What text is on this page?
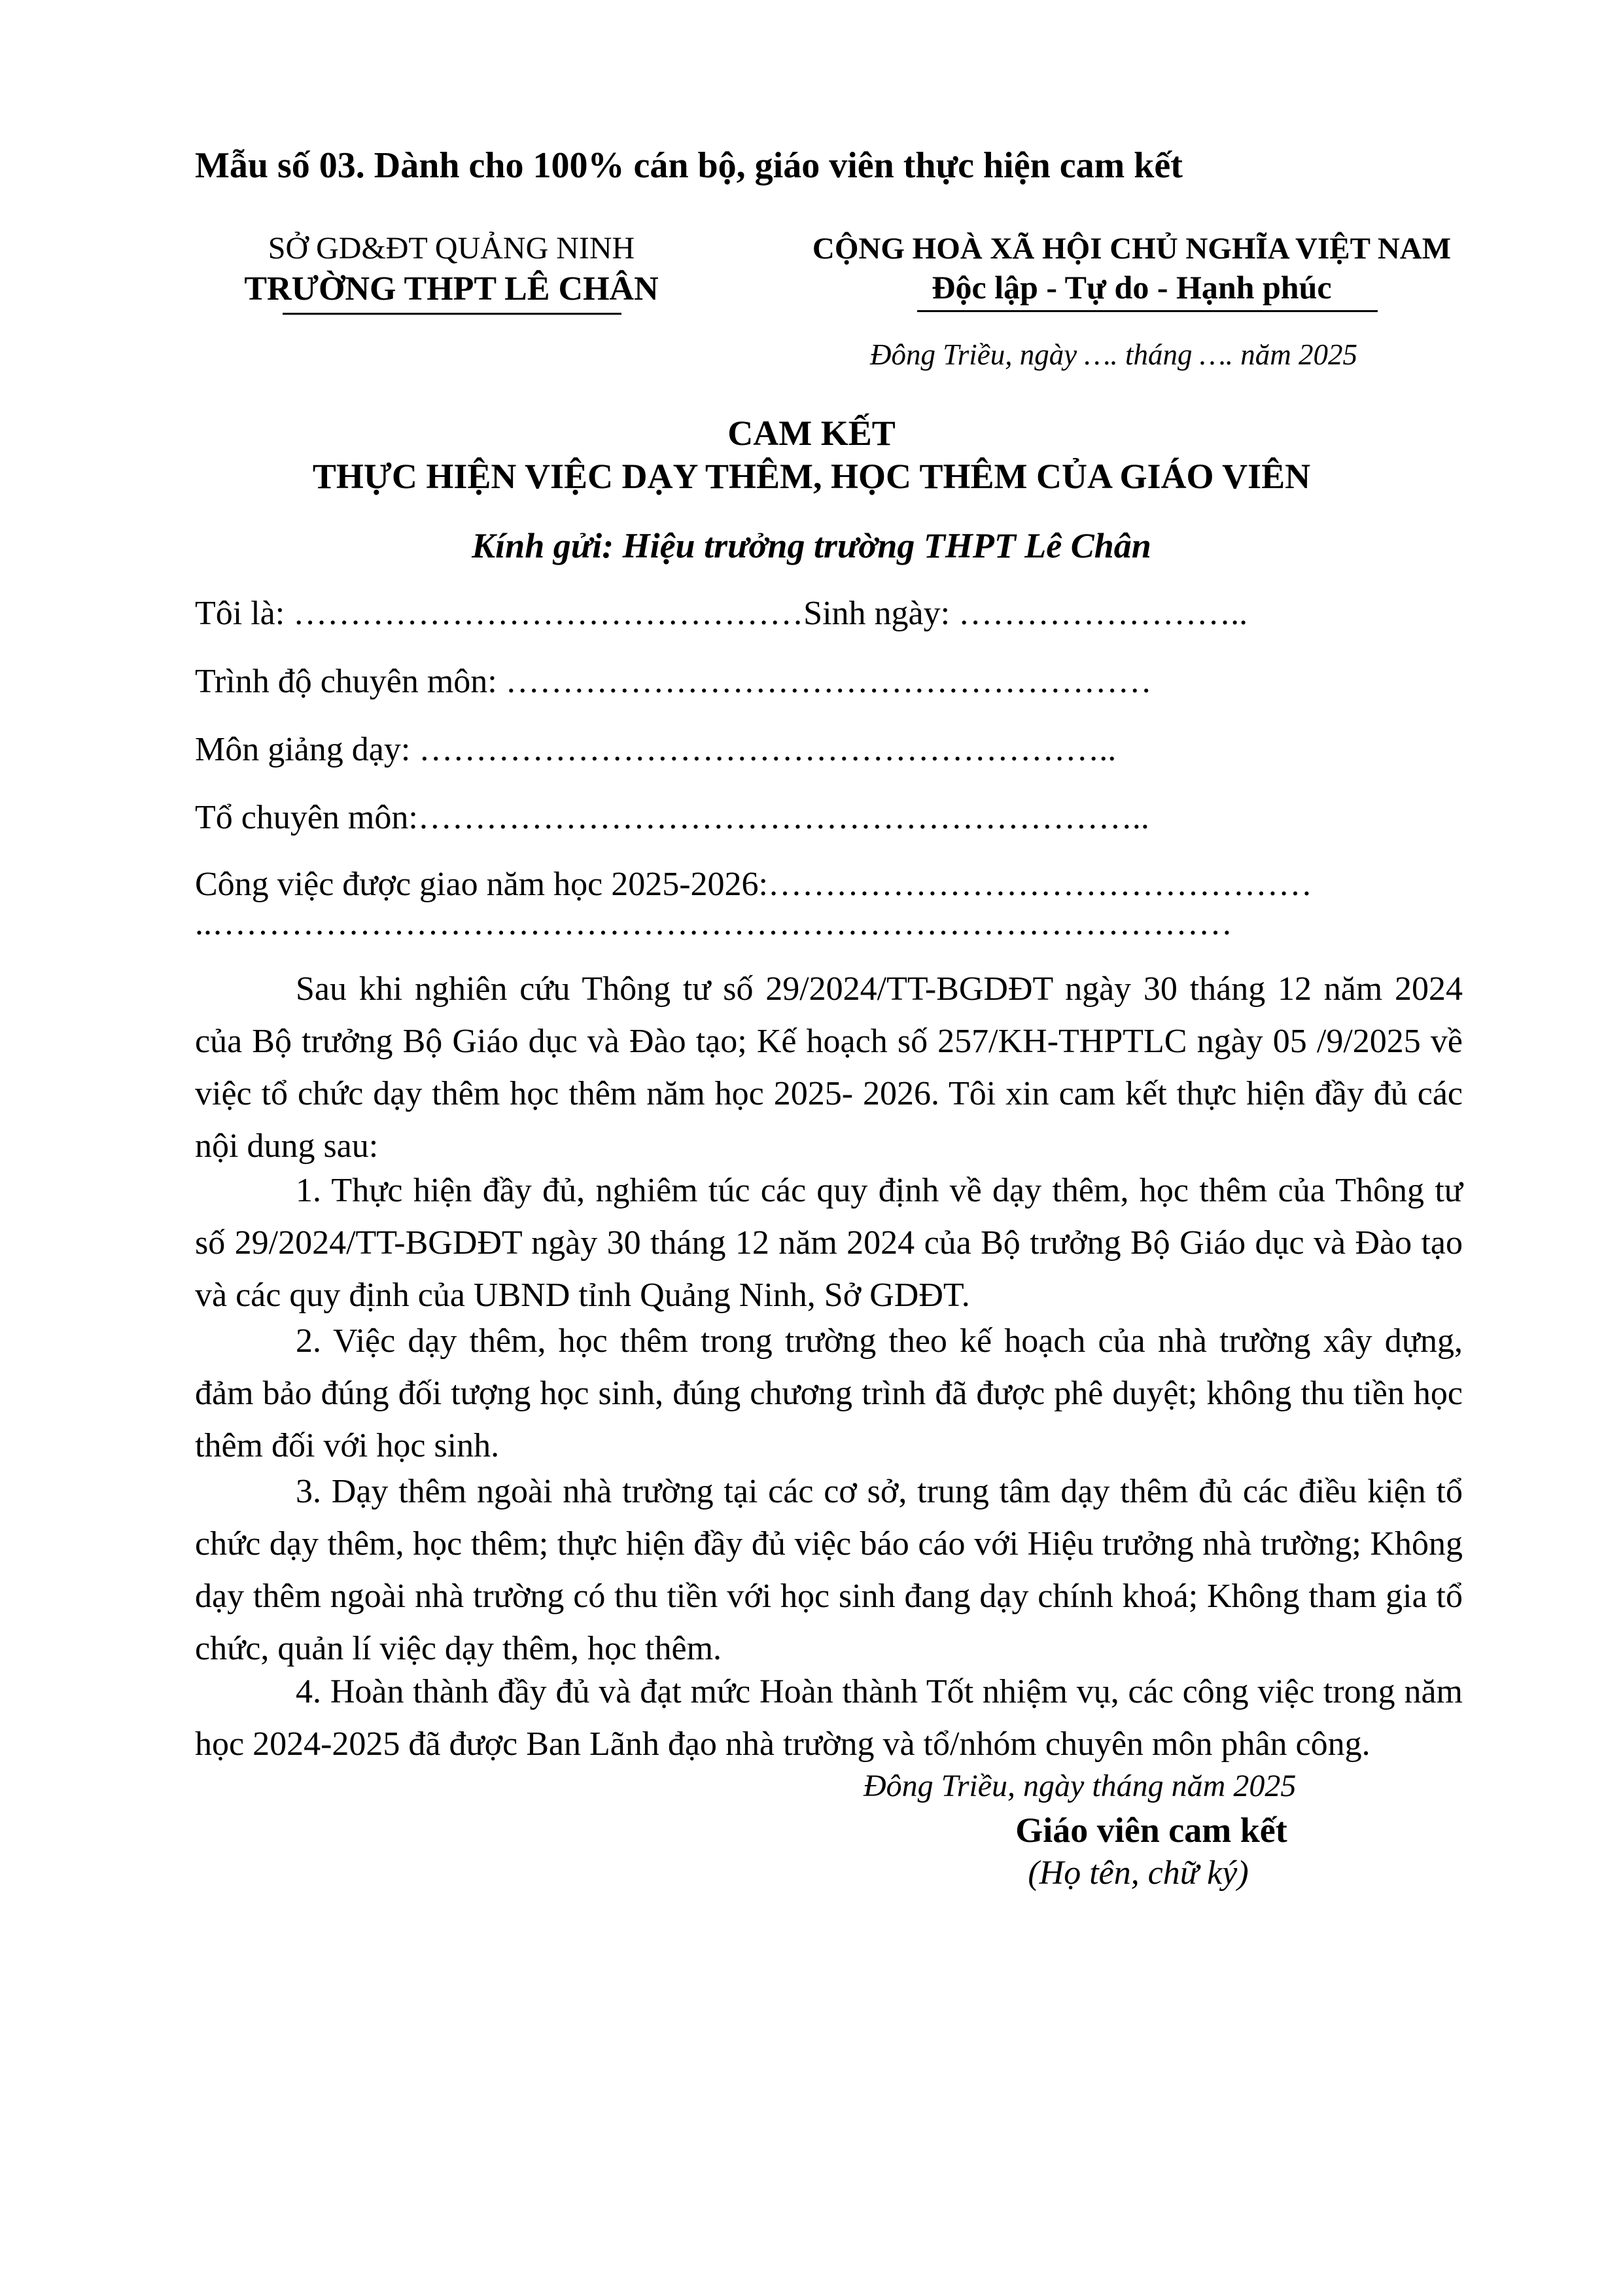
Mẫu số 03. Dành cho 100% cán bộ, giáo viên thực hiện cam kết
SỞ GD&ĐT QUẢNG NINH
TRƯỜNG THPT LÊ CHÂN
CỘNG HOÀ XÃ HỘI CHỦ NGHĨA VIỆT NAM
Độc lập - Tự do - Hạnh phúc
Đông Triều, ngày …. tháng …. năm 2025
CAM KẾT
THỰC HIỆN VIỆC DẠY THÊM, HỌC THÊM CỦA GIÁO VIÊN
Kính gửi: Hiệu trưởng trường THPT Lê Chân
Tôi là: ………………………………………Sinh ngày: ……………………..
Trình độ chuyên môn: …………………………………………………
Môn giảng dạy: ……………………………………………………..
Tổ chuyên môn:………………………………………………………..
Công việc được giao năm học 2025-2026:…………………………………………
..………………………………………………………………………………
Sau khi nghiên cứu Thông tư số 29/2024/TT-BGDĐT ngày 30 tháng 12 năm 2024 của Bộ trưởng Bộ Giáo dục và Đào tạo; Kế hoạch số 257/KH-THPTLC ngày 05 /9/2025 về việc tổ chức dạy thêm học thêm năm học 2025- 2026. Tôi xin cam kết thực hiện đầy đủ các nội dung sau:
1. Thực hiện đầy đủ, nghiêm túc các quy định về dạy thêm, học thêm của Thông tư số 29/2024/TT-BGDĐT ngày 30 tháng 12 năm 2024 của Bộ trưởng Bộ Giáo dục và Đào tạo và các quy định của UBND tỉnh Quảng Ninh, Sở GDĐT.
2. Việc dạy thêm, học thêm trong trường theo kế hoạch của nhà trường xây dựng, đảm bảo đúng đối tượng học sinh, đúng chương trình đã được phê duyệt; không thu tiền học thêm đối với học sinh.
3. Dạy thêm ngoài nhà trường tại các cơ sở, trung tâm dạy thêm đủ các điều kiện tổ chức dạy thêm, học thêm; thực hiện đầy đủ việc báo cáo với Hiệu trưởng nhà trường; Không dạy thêm ngoài nhà trường có thu tiền với học sinh đang dạy chính khoá; Không tham gia tổ chức, quản lí việc dạy thêm, học thêm.
4. Hoàn thành đầy đủ và đạt mức Hoàn thành Tốt nhiệm vụ, các công việc trong năm học 2024-2025 đã được Ban Lãnh đạo nhà trường và tổ/nhóm chuyên môn phân công.
Đông Triều, ngày tháng năm 2025
Giáo viên cam kết
(Họ tên, chữ ký)
